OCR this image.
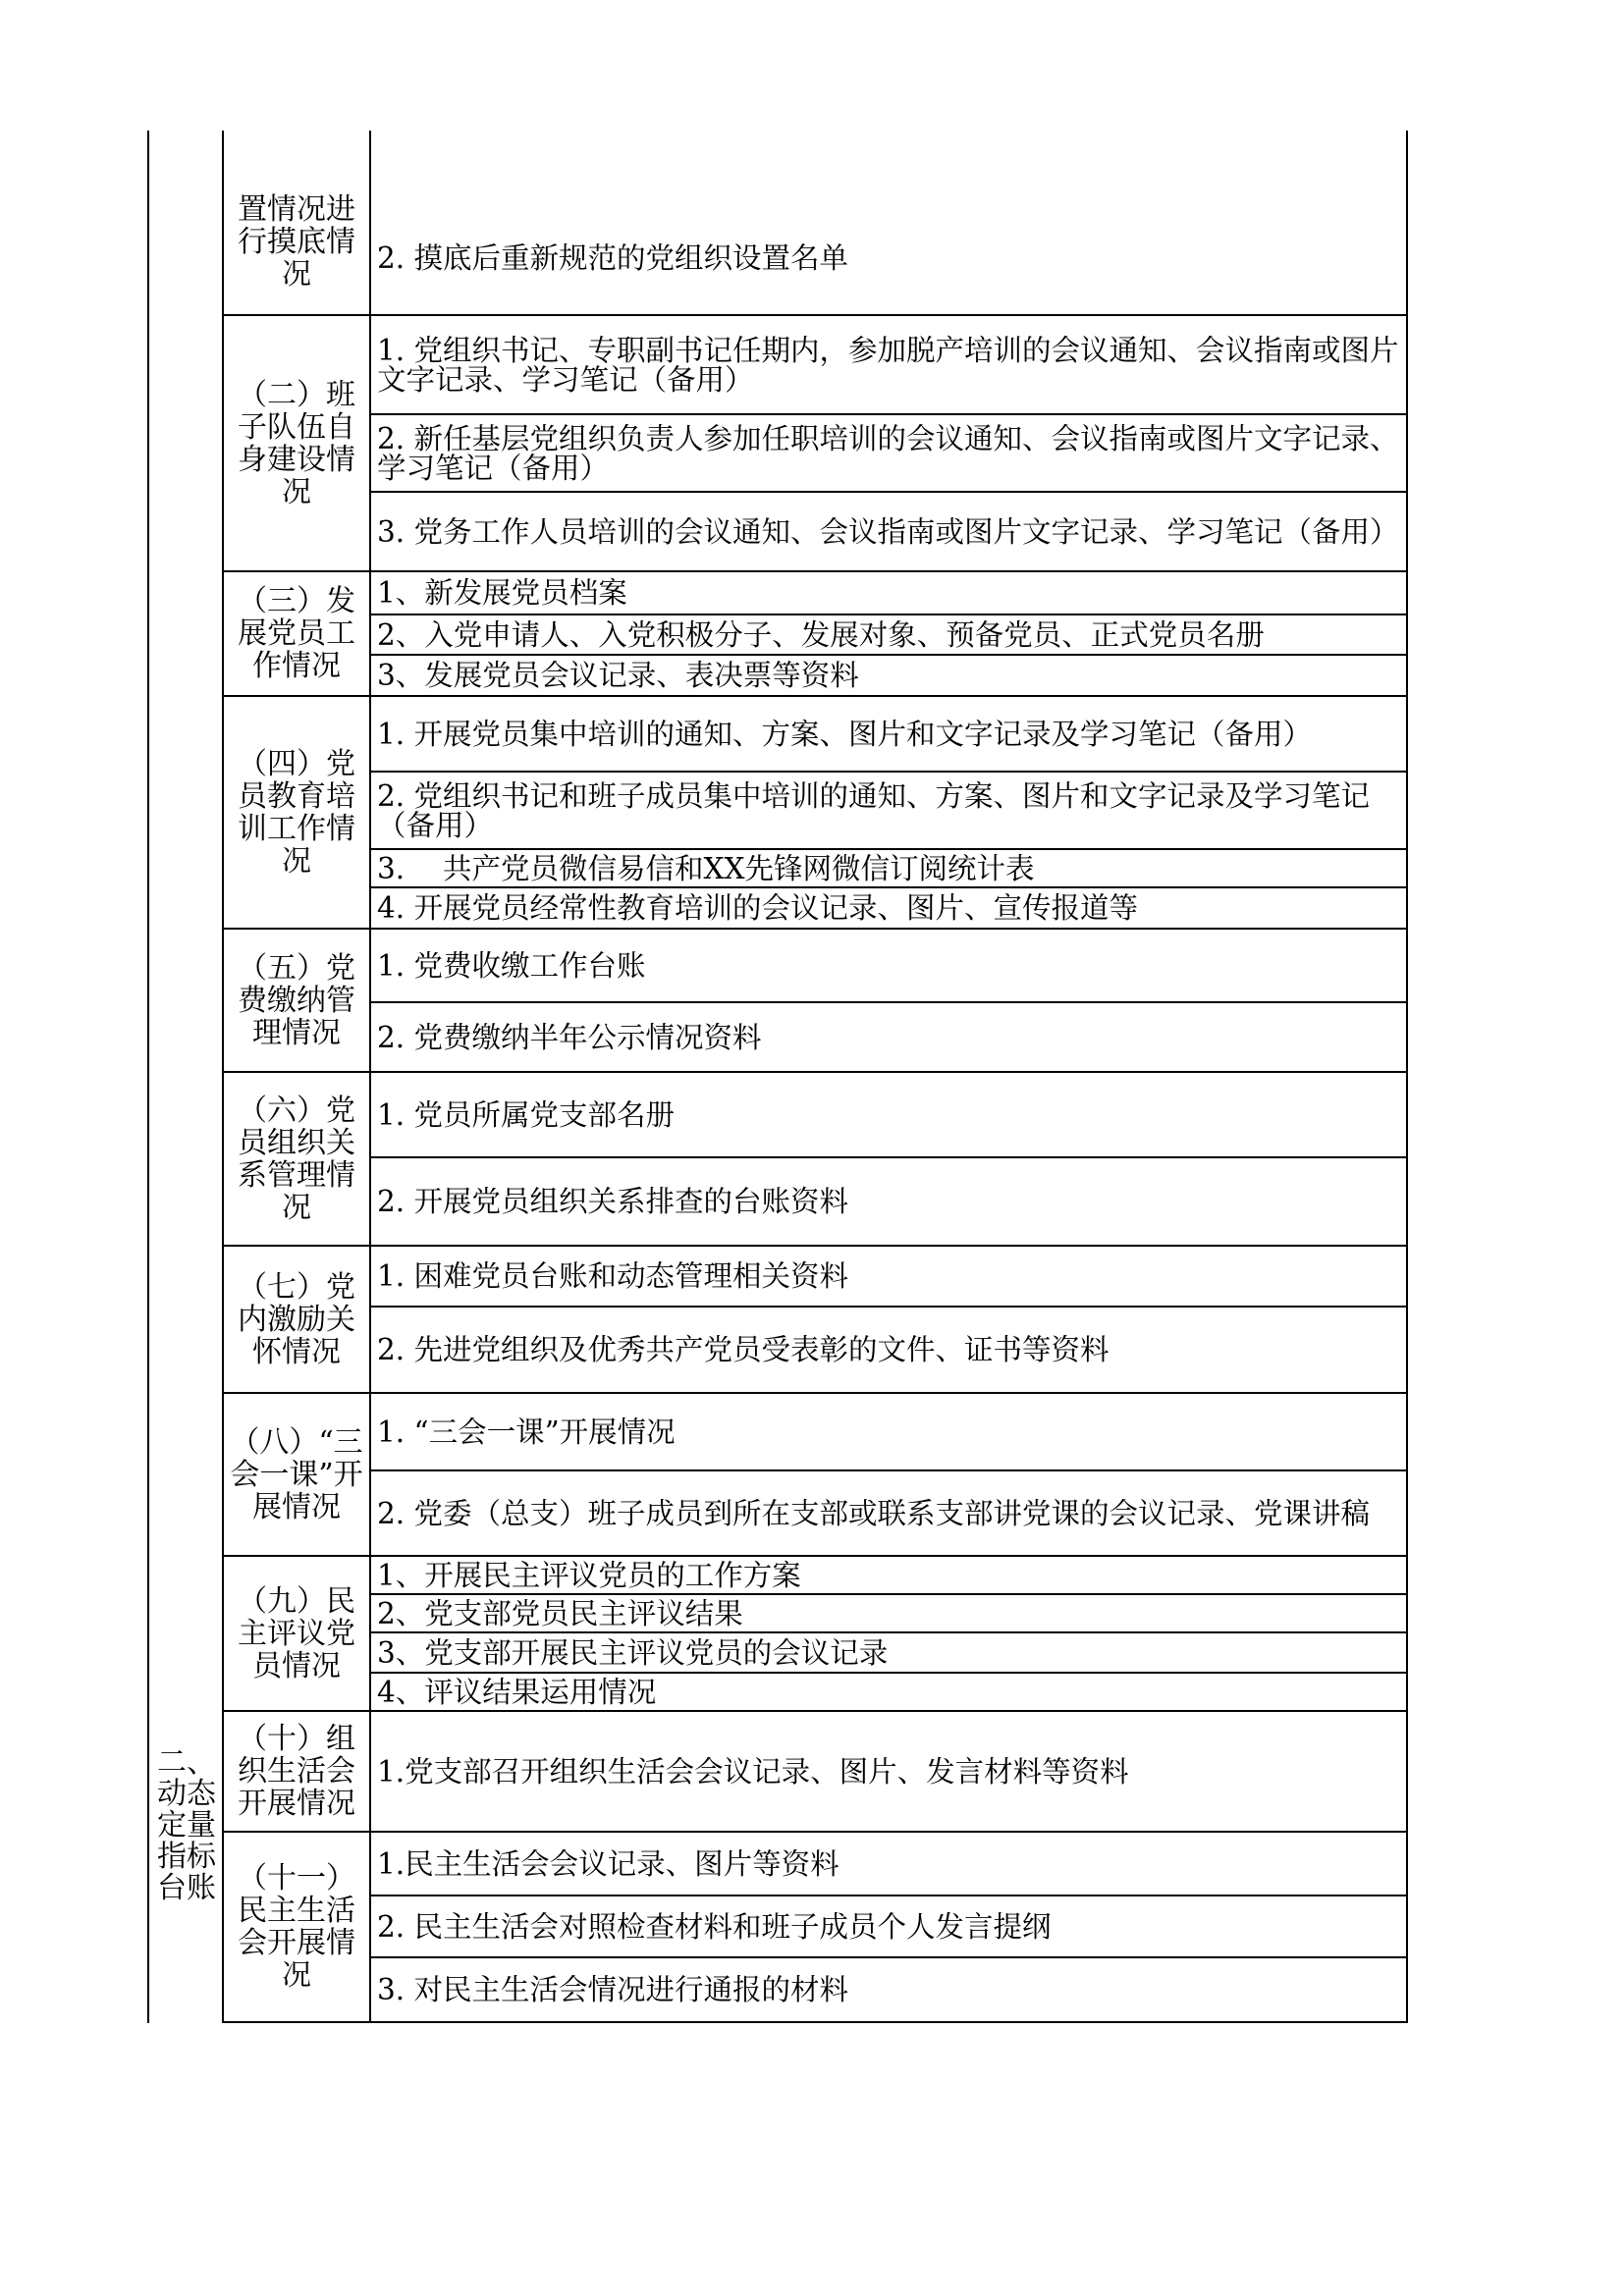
二、动态定量指标台账
置情况进行摸底情况	2. 摸底后重新规范的党组织设置名单
（二）班子队伍自身建设情况
1. 党组织书记、专职副书记任期内，参加脱产培训的会议通知、会议指南或图片文字记录、学习笔记（备用）
2. 新任基层党组织负责人参加任职培训的会议通知、会议指南或图片文字记录、学习笔记（备用）
3. 党务工作人员培训的会议通知、会议指南或图片文字记录、学习笔记（备用）
（三）发展党员工作情况
1、新发展党员档案
2、入党申请人、入党积极分子、发展对象、预备党员、正式党员名册
3、发展党员会议记录、表决票等资料
（四）党员教育培训工作情况
1. 开展党员集中培训的通知、方案、图片和文字记录及学习笔记（备用）
2. 党组织书记和班子成员集中培训的通知、方案、图片和文字记录及学习笔记（备用）
3.　 共产党员微信易信和XX先锋网微信订阅统计表
4. 开展党员经常性教育培训的会议记录、图片、宣传报道等
（五）党费缴纳管理情况
1. 党费收缴工作台账
2. 党费缴纳半年公示情况资料
（六）党员组织关系管理情况
1. 党员所属党支部名册
2. 开展党员组织关系排查的台账资料
（七）党内激励关怀情况
1. 困难党员台账和动态管理相关资料
2. 先进党组织及优秀共产党员受表彰的文件、证书等资料
（八）“三会一课”开展情况
1. “三会一课”开展情况
2. 党委（总支）班子成员到所在支部或联系支部讲党课的会议记录、党课讲稿
（九）民主评议党员情况
1、开展民主评议党员的工作方案
2、党支部党员民主评议结果
3、党支部开展民主评议党员的会议记录
4、评议结果运用情况
（十）组织生活会开展情况
1.党支部召开组织生活会会议记录、图片、发言材料等资料
（十一）民主生活会开展情况
1.民主生活会会议记录、图片等资料
2. 民主生活会对照检查材料和班子成员个人发言提纲
3. 对民主生活会情况进行通报的材料
